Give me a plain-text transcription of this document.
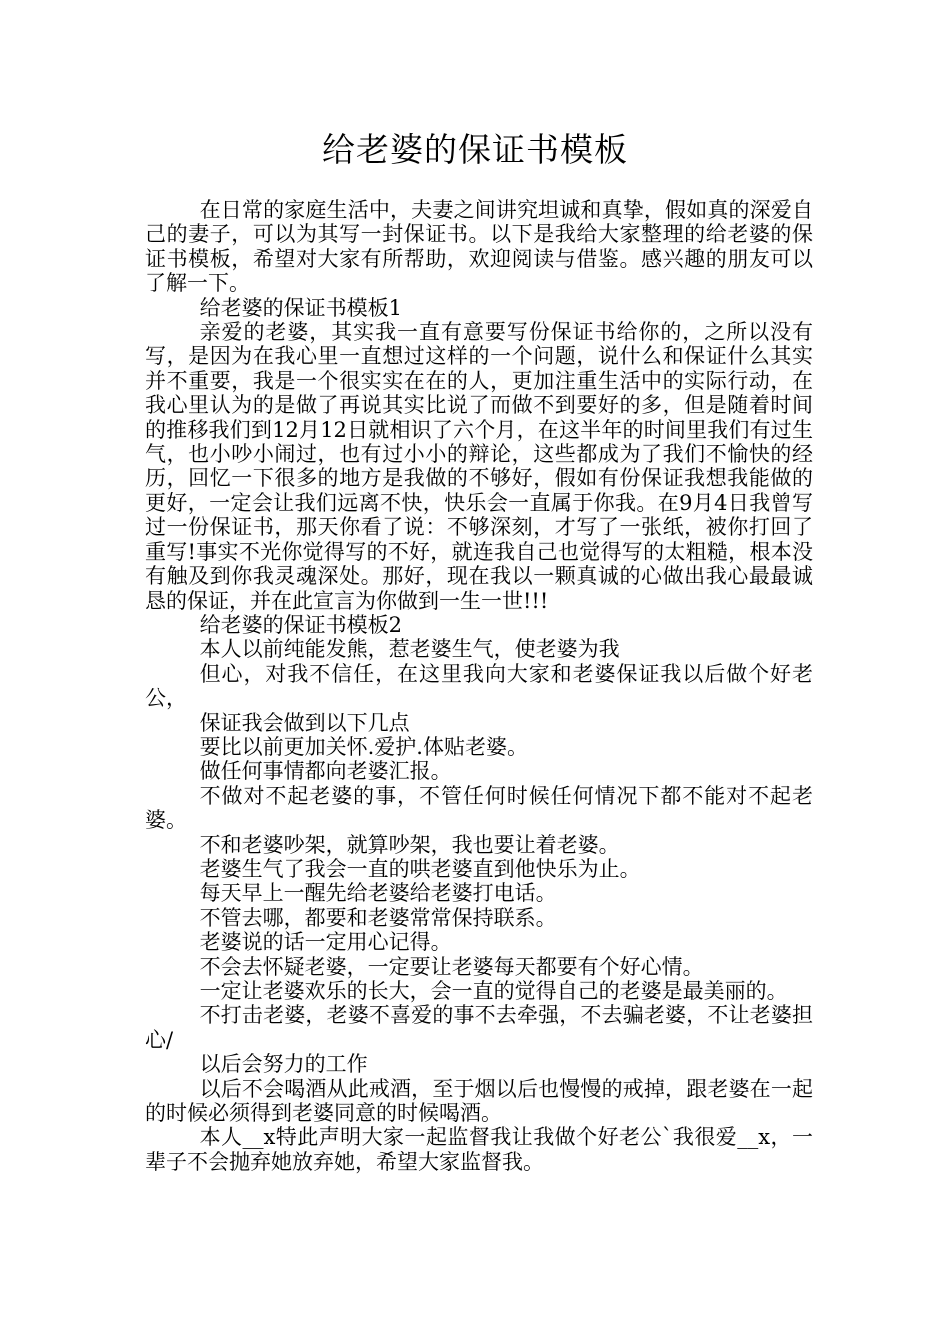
给老婆的保证书模板

在日常的家庭生活中，夫妻之间讲究坦诚和真挚，假如真的深爱自己的妻子，可以为其写一封保证书。以下是我给大家整理的给老婆的保证书模板，希望对大家有所帮助，欢迎阅读与借鉴。感兴趣的朋友可以了解一下。

给老婆的保证书模板1

亲爱的老婆，其实我一直有意要写份保证书给你的，之所以没有写，是因为在我心里一直想过这样的一个问题，说什么和保证什么其实并不重要，我是一个很实实在在的人，更加注重生活中的实际行动，在我心里认为的是做了再说其实比说了而做不到要好的多，但是随着时间的推移我们到12月12日就相识了六个月，在这半年的时间里我们有过生气，也小吵小闹过，也有过小小的辩论，这些都成为了我们不愉快的经历，回忆一下很多的地方是我做的不够好，假如有份保证我想我能做的更好，一定会让我们远离不快，快乐会一直属于你我。在9月4日我曾写过一份保证书，那天你看了说：不够深刻，才写了一张纸，被你打回了重写!事实不光你觉得写的不好，就连我自己也觉得写的太粗糙，根本没有触及到你我灵魂深处。那好，现在我以一颗真诚的心做出我心最最诚恳的保证，并在此宣言为你做到一生一世!!!

给老婆的保证书模板2

本人以前纯能发熊，惹老婆生气，使老婆为我

但心，对我不信任，在这里我向大家和老婆保证我以后做个好老公，

保证我会做到以下几点

要比以前更加关怀.爱护.体贴老婆。

做任何事情都向老婆汇报。

不做对不起老婆的事，不管任何时候任何情况下都不能对不起老婆。

不和老婆吵架，就算吵架，我也要让着老婆。

老婆生气了我会一直的哄老婆直到他快乐为止。

每天早上一醒先给老婆给老婆打电话。

不管去哪，都要和老婆常常保持联系。

老婆说的话一定用心记得。

不会去怀疑老婆，一定要让老婆每天都要有个好心情。

一定让老婆欢乐的长大，会一直的觉得自己的老婆是最美丽的。

不打击老婆，老婆不喜爱的事不去牵强，不去骗老婆，不让老婆担心/

以后会努力的工作

以后不会喝酒从此戒酒，至于烟以后也慢慢的戒掉，跟老婆在一起的时候必须得到老婆同意的时候喝酒。

本人__x特此声明大家一起监督我让我做个好老公`我很爱__x，一辈子不会抛弃她放弃她，希望大家监督我。
